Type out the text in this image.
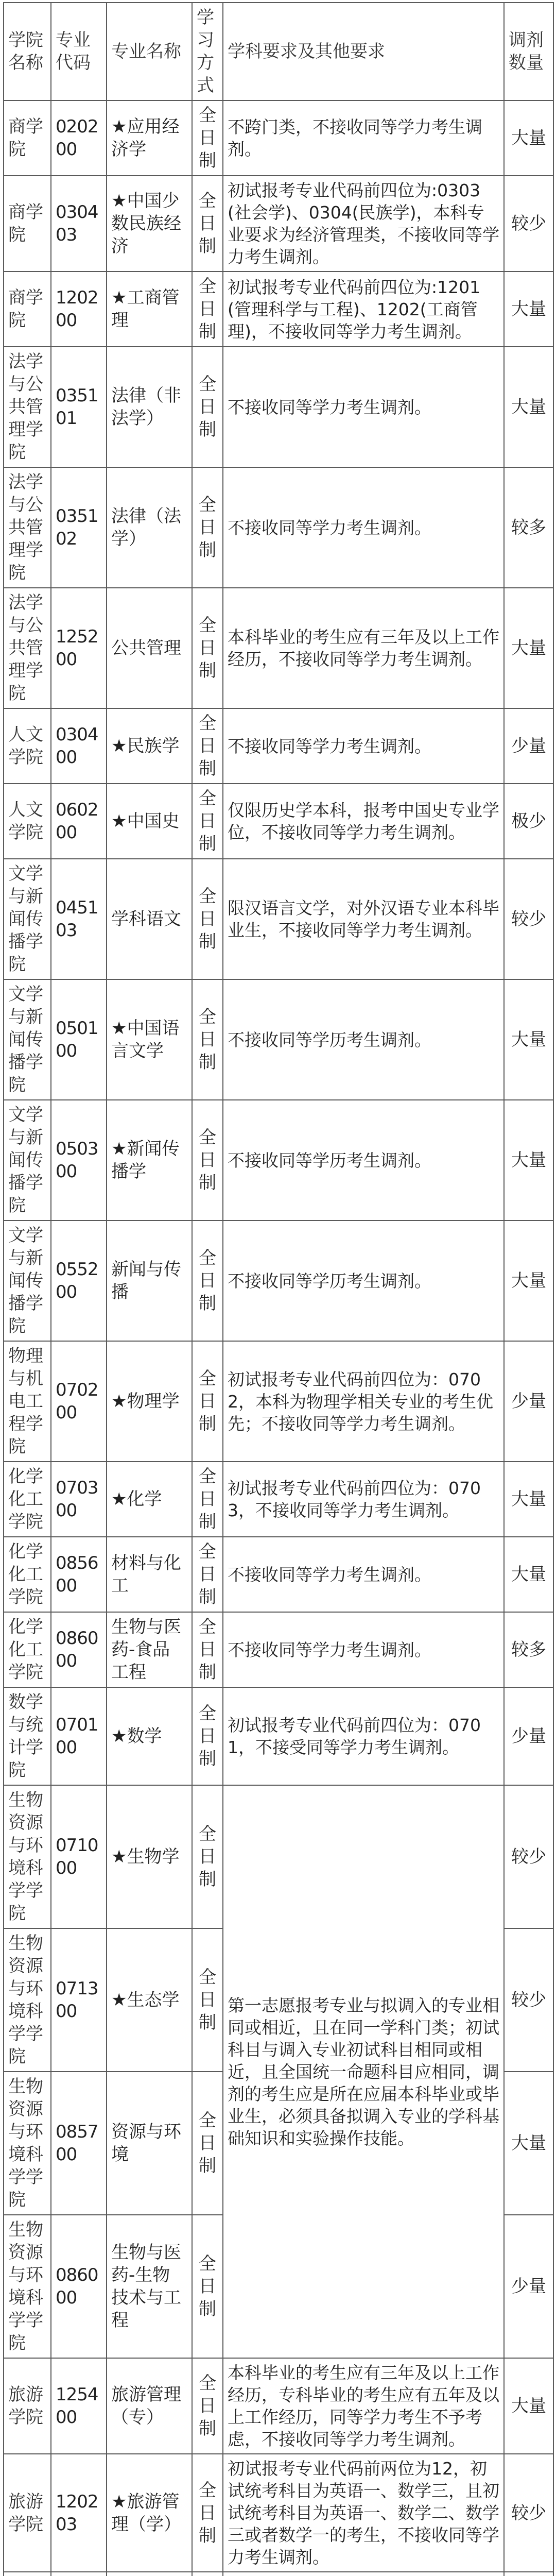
学院名称	专业代码	专业名称	学习方式	学科要求及其他要求	调剂数量
商学院	020200	★应用经济学	全日制	不跨门类，不接收同等学力考生调剂。	大量
商学院	030403	★中国少数民族经济	全日制	初试报考专业代码前四位为:0303(社会学)、0304(民族学)，本科专业要求为经济管理类，不接收同等学力考生调剂。	较少
商学院	120200	★工商管理	全日制	初试报考专业代码前四位为:1201(管理科学与工程)、1202(工商管理)，不接收同等学力考生调剂。	大量
法学与公共管理学院	035101	法律（非法学）	全日制	不接收同等学力考生调剂。	大量
法学与公共管理学院	035102	法律（法学）	全日制	不接收同等学力考生调剂。	较多
法学与公共管理学院	125200	公共管理	全日制	本科毕业的考生应有三年及以上工作经历，不接收同等学力考生调剂。	大量
人文学院	030400	★民族学	全日制	不接收同等学力考生调剂。	少量
人文学院	060200	★中国史	全日制	仅限历史学本科，报考中国史专业学位，不接收同等学力考生调剂。	极少
文学与新闻传播学院	045103	学科语文	全日制	限汉语言文学，对外汉语专业本科毕业生，不接收同等学力考生调剂。	较少
文学与新闻传播学院	050100	★中国语言文学	全日制	不接收同等学历考生调剂。	大量
文学与新闻传播学院	050300	★新闻传播学	全日制	不接收同等学历考生调剂。	大量
文学与新闻传播学院	055200	新闻与传播	全日制	不接收同等学历考生调剂。	大量
物理与机电工程学院	070200	★物理学	全日制	初试报考专业代码前四位为：0702，本科为物理学相关专业的考生优先；不接收同等学力考生调剂。	少量
化学化工学院	070300	★化学	全日制	初试报考专业代码前四位为：0703，不接收同等学力考生调剂。	大量
化学化工学院	085600	材料与化工	全日制	不接收同等学力考生调剂。	大量
化学化工学院	086000	生物与医药-食品工程	全日制	不接收同等学力考生调剂。	较多
数学与统计学院	070100	★数学	全日制	初试报考专业代码前四位为：0701，不接受同等学力考生调剂。	少量
生物资源与环境科学学院	071000	★生物学	全日制	第一志愿报考专业与拟调入的专业相同或相近，且在同一学科门类；初试科目与调入专业初试科目相同或相近，且全国统一命题科目应相同，调剂的考生应是所在应届本科毕业或毕业生，必须具备拟调入专业的学科基础知识和实验操作技能。	较少
生物资源与环境科学学院	071300	★生态学	全日制		较少
生物资源与环境科学学院	085700	资源与环境	全日制		大量
生物资源与环境科学学院	086000	生物与医药-生物技术与工程	全日制		少量
旅游学院	125400	旅游管理（专）	全日制	本科毕业的考生应有三年及以上工作经历，专科毕业的考生应有五年及以上工作经历，同等学力考生不予考虑，不接收同等学力考生调剂。	大量
旅游学院	120203	★旅游管理（学）	全日制	初试报考专业代码前两位为12，初试统考科目为英语一、数学三，且初试统考科目为英语一、数学二、数学三或者数学一的考生，不接收同等学力考生调剂。	较少
